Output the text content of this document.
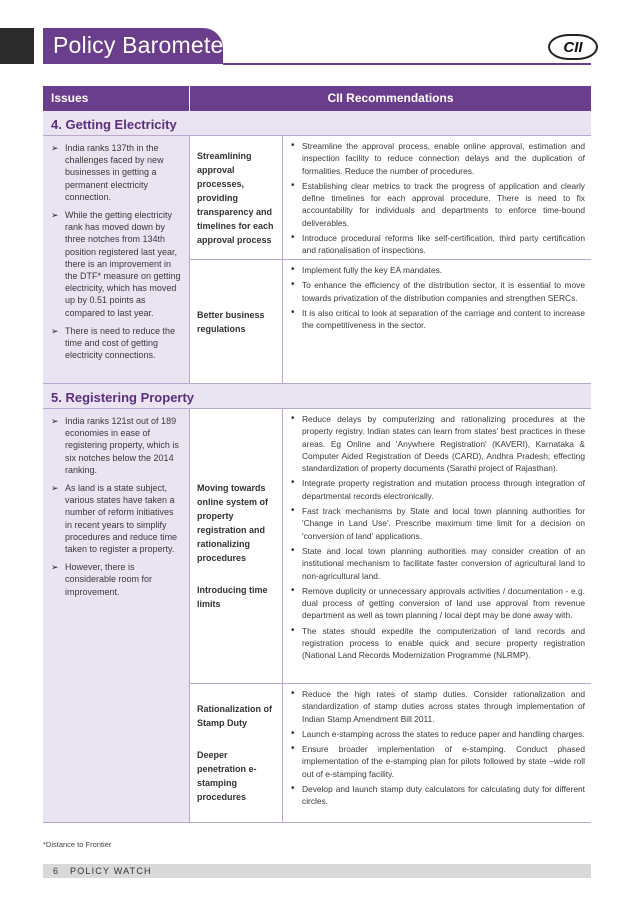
Policy Barometer	CII
Issues	CII Recommendations
4. Getting Electricity
➢ India ranks 137th in the challenges faced by new businesses in getting a permanent electricity connection.
➢ While the getting electricity rank has moved down by three notches from 134th position registered last year, there is an improvement in the DTF* measure on getting electricity, which has moved up by 0.51 points as compared to last year.
➢ There is need to reduce the time and cost of getting electricity connections.
Streamlining approval processes, providing transparency and timelines for each approval process
• Streamline the approval process, enable online approval, estimation and inspection facility to reduce connection delays and the duplication of formalities. Reduce the number of procedures.
• Establishing clear metrics to track the progress of application and clearly define timelines for each approval procedure. There is need to fix accountability for individuals and departments to enforce time-bound deliverables.
• Introduce procedural reforms like self-certification, third party certification and rationalisation of inspections.
Better business regulations
• Implement fully the key EA mandates.
• To enhance the efficiency of the distribution sector, it is essential to move towards privatization of the distribution companies and strengthen SERCs.
• It is also critical to look at separation of the carriage and content to increase the competitiveness in the sector.
5. Registering Property
➢ India ranks 121st out of 189 economies in ease of registering property, which is six notches below the 2014 ranking.
➢ As land is a state subject, various states have taken a number of reform initiatives in recent years to simplify procedures and reduce time taken to register a property.
➢ However, there is considerable room for improvement.
Moving towards online system of property registration and rationalizing procedures
Introducing time limits
• Reduce delays by computerizing and rationalizing procedures at the property registry. Indian states can learn from states' best practices in these areas. Eg Online and 'Anywhere Registration' (KAVERI), Karnataka & Computer Aided Registration of Deeds (CARD), Andhra Pradesh; effecting standardization of property documents (Sarathi project of Rajasthan).
• Integrate property registration and mutation process through integration of departmental records electronically.
• Fast track mechanisms by State and local town planning authorities for 'Change in Land Use'. Prescribe maximum time limit for a decision on 'conversion of land' applications.
• State and local town planning authorities may consider creation of an institutional mechanism to facilitate faster conversion of agricultural land to non-agricultural land.
• Remove duplicity or unnecessary approvals activities / documentation - e.g. dual process of getting conversion of land use approval from revenue department as well as town planning / local dept may be done away with.
• The states should expedite the computerization of land records and registration process to enable quick and secure property registration (National Land Records Modernization Programme (NLRMP).
Rationalization of Stamp Duty
Deeper penetration e-stamping procedures
• Reduce the high rates of stamp duties. Consider rationalization and standardization of stamp duties across states through implementation of Indian Stamp Amendment Bill 2011.
• Launch e-stamping across the states to reduce paper and handling charges.
• Ensure broader implementation of e-stamping. Conduct phased implementation of the e-stamping plan for pilots followed by state –wide roll out of e-stamping facility.
• Develop and launch stamp duty calculators for calculating duty for different circles.
*Distance to Frontier
6 POLICY WATCH
